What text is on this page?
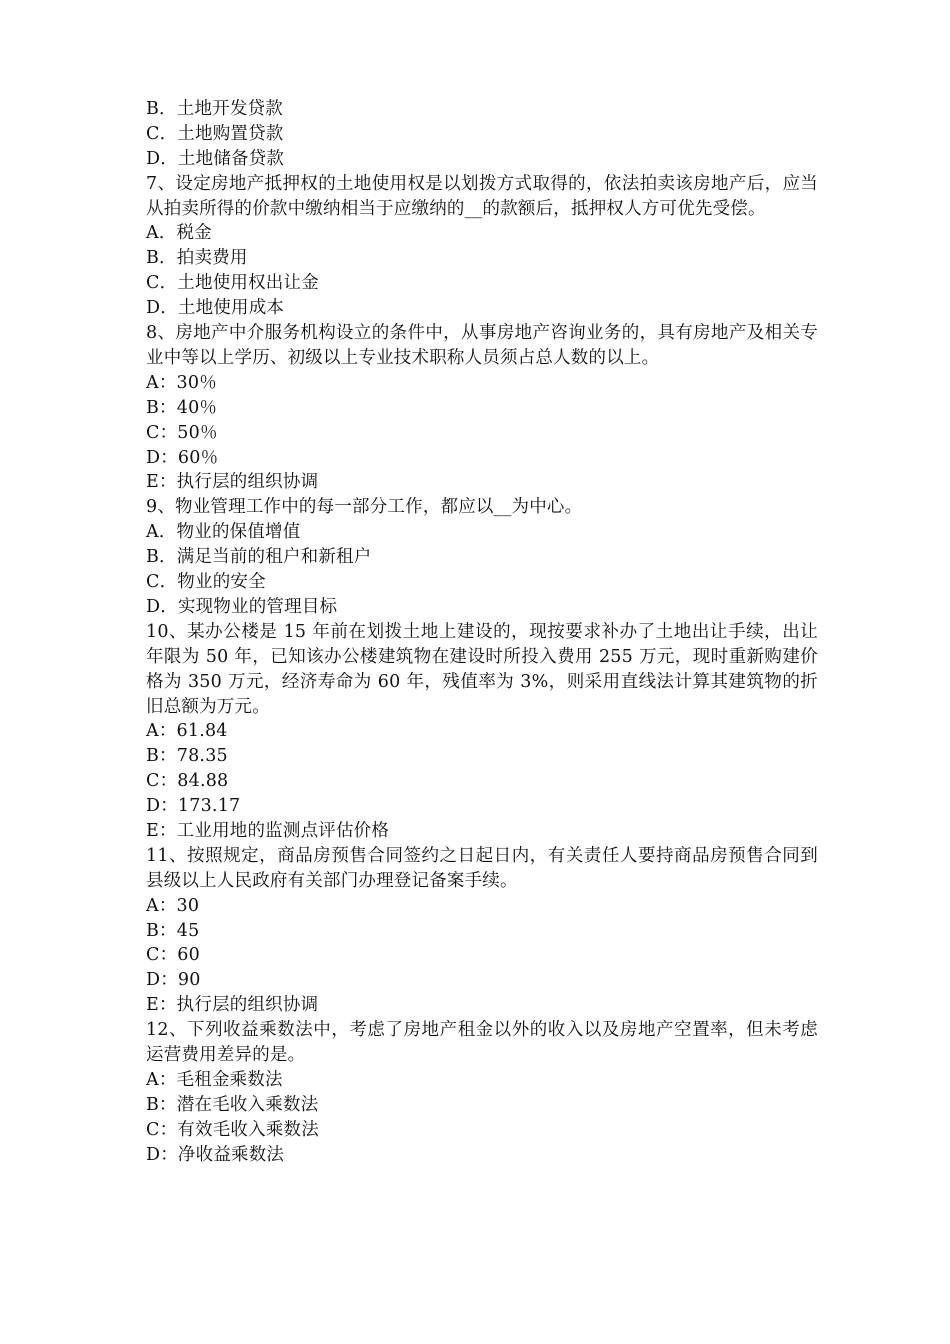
B．土地开发贷款
C．土地购置贷款
D．土地储备贷款
7、设定房地产抵押权的土地使用权是以划拨方式取得的，依法拍卖该房地产后，应当从拍卖所得的价款中缴纳相当于应缴纳的__的款额后，抵押权人方可优先受偿。
A．税金
B．拍卖费用
C．土地使用权出让金
D．土地使用成本
8、房地产中介服务机构设立的条件中，从事房地产咨询业务的，具有房地产及相关专业中等以上学历、初级以上专业技术职称人员须占总人数的以上。
A：30％
B：40％
C：50％
D：60％
E：执行层的组织协调
9、物业管理工作中的每一部分工作，都应以__为中心。
A．物业的保值增值
B．满足当前的租户和新租户
C．物业的安全
D．实现物业的管理目标
10、某办公楼是 15 年前在划拨土地上建设的，现按要求补办了土地出让手续，出让年限为 50 年，已知该办公楼建筑物在建设时所投入费用 255 万元，现时重新购建价格为 350 万元，经济寿命为 60 年，残值率为 3%，则采用直线法计算其建筑物的折旧总额为万元。
A：61.84
B：78.35
C：84.88
D：173.17
E：工业用地的监测点评估价格
11、按照规定，商品房预售合同签约之日起日内，有关责任人要持商品房预售合同到县级以上人民政府有关部门办理登记备案手续。
A：30
B：45
C：60
D：90
E：执行层的组织协调
12、下列收益乘数法中，考虑了房地产租金以外的收入以及房地产空置率，但未考虑运营费用差异的是。
A：毛租金乘数法
B：潜在毛收入乘数法
C：有效毛收入乘数法
D：净收益乘数法
